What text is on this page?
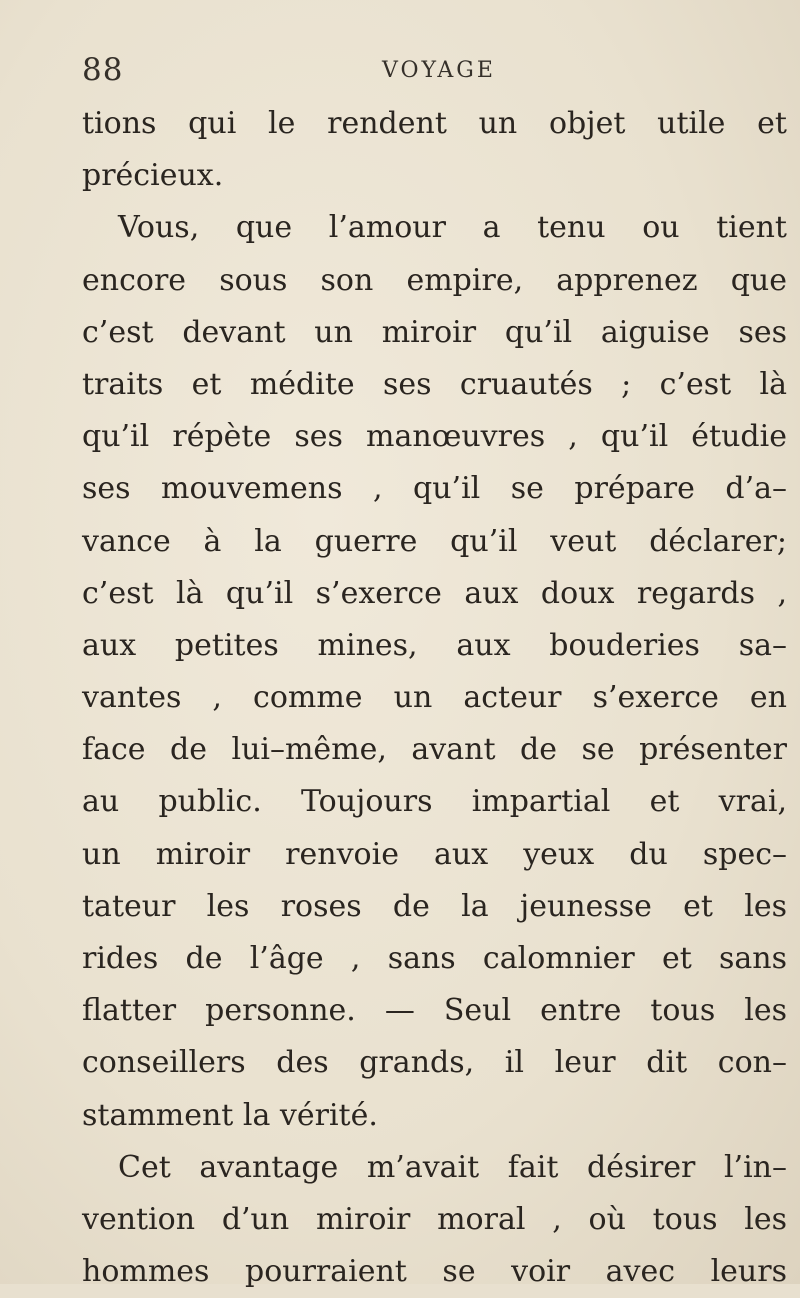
88	VOYAGE
tions qui le rendent un objet utile et
précieux.
Vous, que l’amour a tenu ou tient
encore sous son empire, apprenez que
c’est devant un miroir qu’il aiguise ses
traits et médite ses cruautés ; c’est là
qu’il répète ses manœuvres , qu’il étudie
ses mouvemens , qu’il se prépare d’a–
vance à la guerre qu’il veut déclarer;
c’est là qu’il s’exerce aux doux regards ,
aux petites mines, aux bouderies sa–
vantes , comme un acteur s’exerce en
face de lui–même, avant de se présenter
au public. Toujours impartial et vrai,
un miroir renvoie aux yeux du spec–
tateur les roses de la jeunesse et les
rides de l’âge , sans calomnier et sans
flatter personne. — Seul entre tous les
conseillers des grands, il leur dit con–
stamment la vérité.
Cet avantage m’avait fait désirer l’in–
vention d’un miroir moral , où tous les
hommes pourraient se voir avec leurs
